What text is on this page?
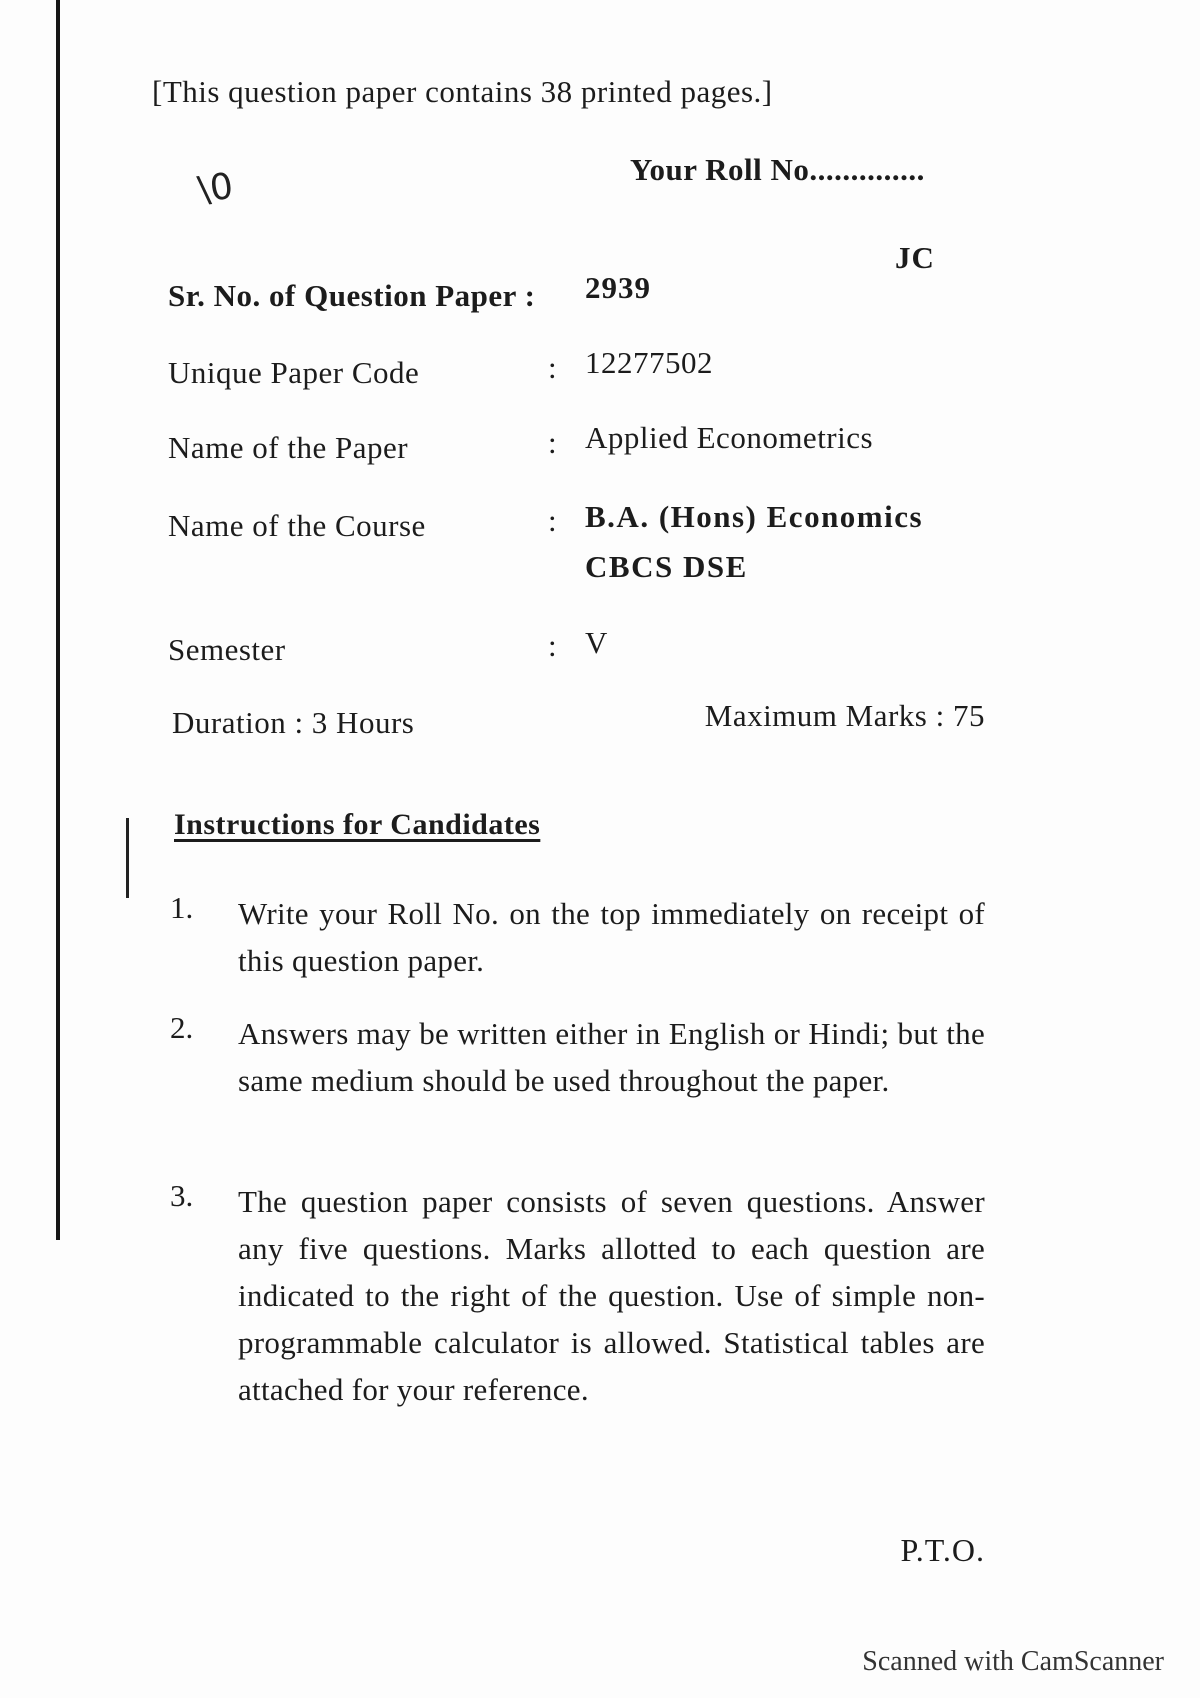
[This question paper contains 38 printed pages.]
\0	Your Roll No..............
JC
Sr. No. of Question Paper : 2939
Unique Paper Code	: 12277502
Name of the Paper	: Applied Econometrics
Name of the Course	: B.A. (Hons) Economics CBCS DSE
Semester	: V
Duration : 3 Hours	Maximum Marks : 75
Instructions for Candidates
1. Write your Roll No. on the top immediately on receipt of this question paper.
2. Answers may be written either in English or Hindi; but the same medium should be used throughout the paper.
3. The question paper consists of seven questions. Answer any five questions. Marks allotted to each question are indicated to the right of the question. Use of simple non-programmable calculator is allowed. Statistical tables are attached for your reference.
P.T.O.
Scanned with CamScanner
